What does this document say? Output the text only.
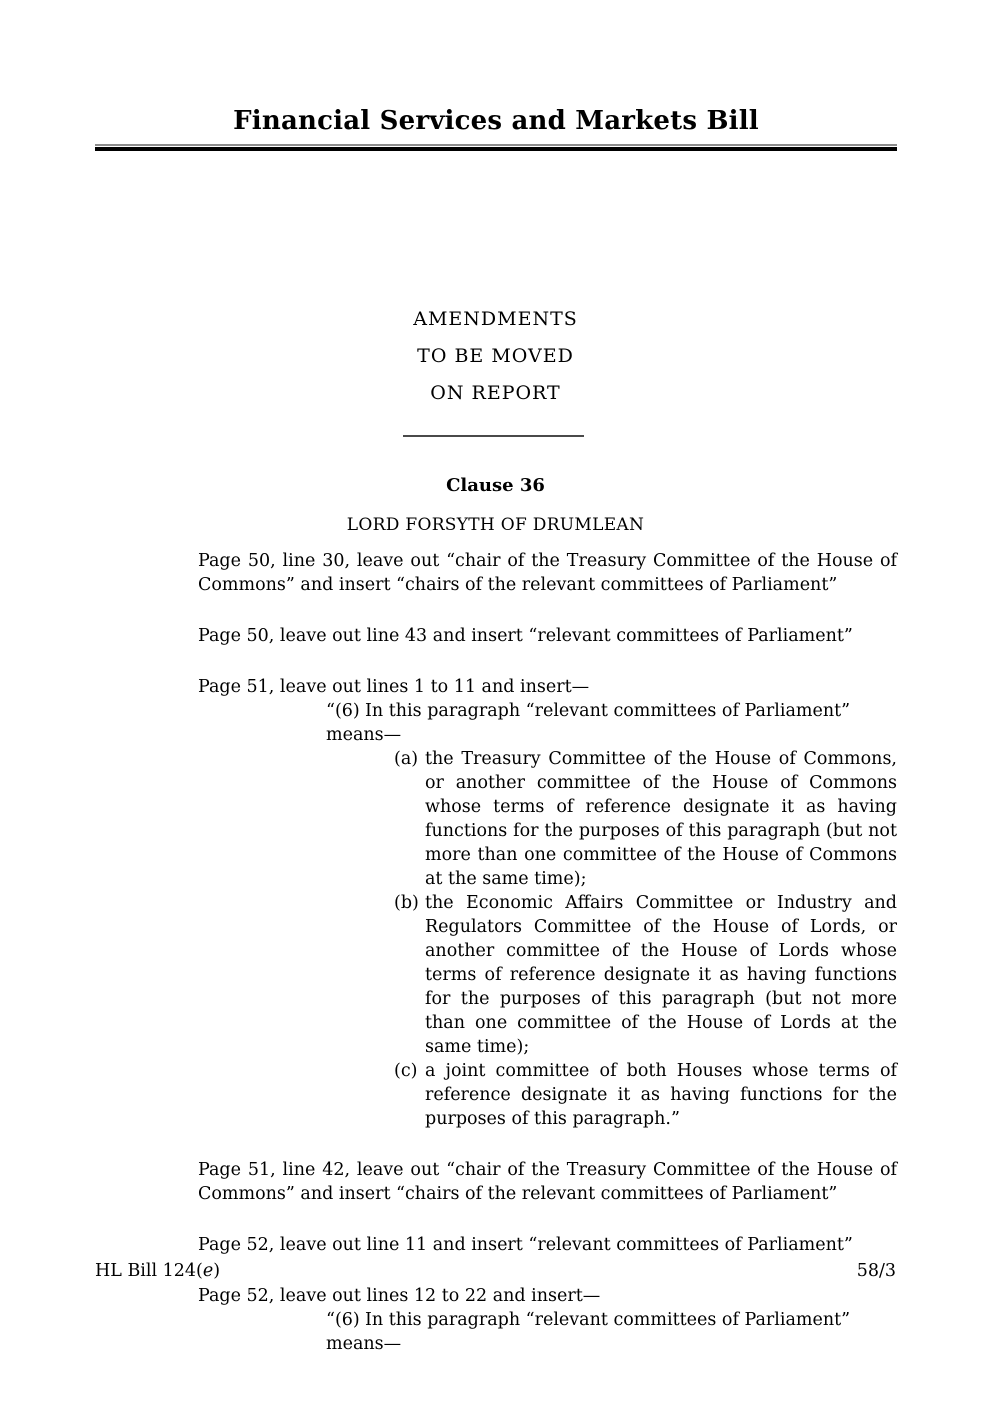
Financial Services and Markets Bill
AMENDMENTS
TO BE MOVED
ON REPORT
Clause 36
LORD FORSYTH OF DRUMLEAN

Page 50, line 30, leave out “chair of the Treasury Committee of the House of Commons” and insert “chairs of the relevant committees of Parliament”

Page 50, leave out line 43 and insert “relevant committees of Parliament”

Page 51, leave out lines 1 to 11 and insert—

“(6) In this paragraph “relevant committees of Parliament” means—
(a) the Treasury Committee of the House of Commons, or another committee of the House of Commons whose terms of reference designate it as having functions for the purposes of this paragraph (but not more than one committee of the House of Commons at the same time);
(b) the Economic Affairs Committee or Industry and Regulators Committee of the House of Lords, or another committee of the House of Lords whose terms of reference designate it as having functions for the purposes of this paragraph (but not more than one committee of the House of Lords at the same time);
(c) a joint committee of both Houses whose terms of reference designate it as having functions for the purposes of this paragraph.”

Page 51, line 42, leave out “chair of the Treasury Committee of the House of Commons” and insert “chairs of the relevant committees of Parliament”

Page 52, leave out line 11 and insert “relevant committees of Parliament”

Page 52, leave out lines 12 to 22 and insert—

“(6) In this paragraph “relevant committees of Parliament” means—
HL Bill 124(e)	58/3
